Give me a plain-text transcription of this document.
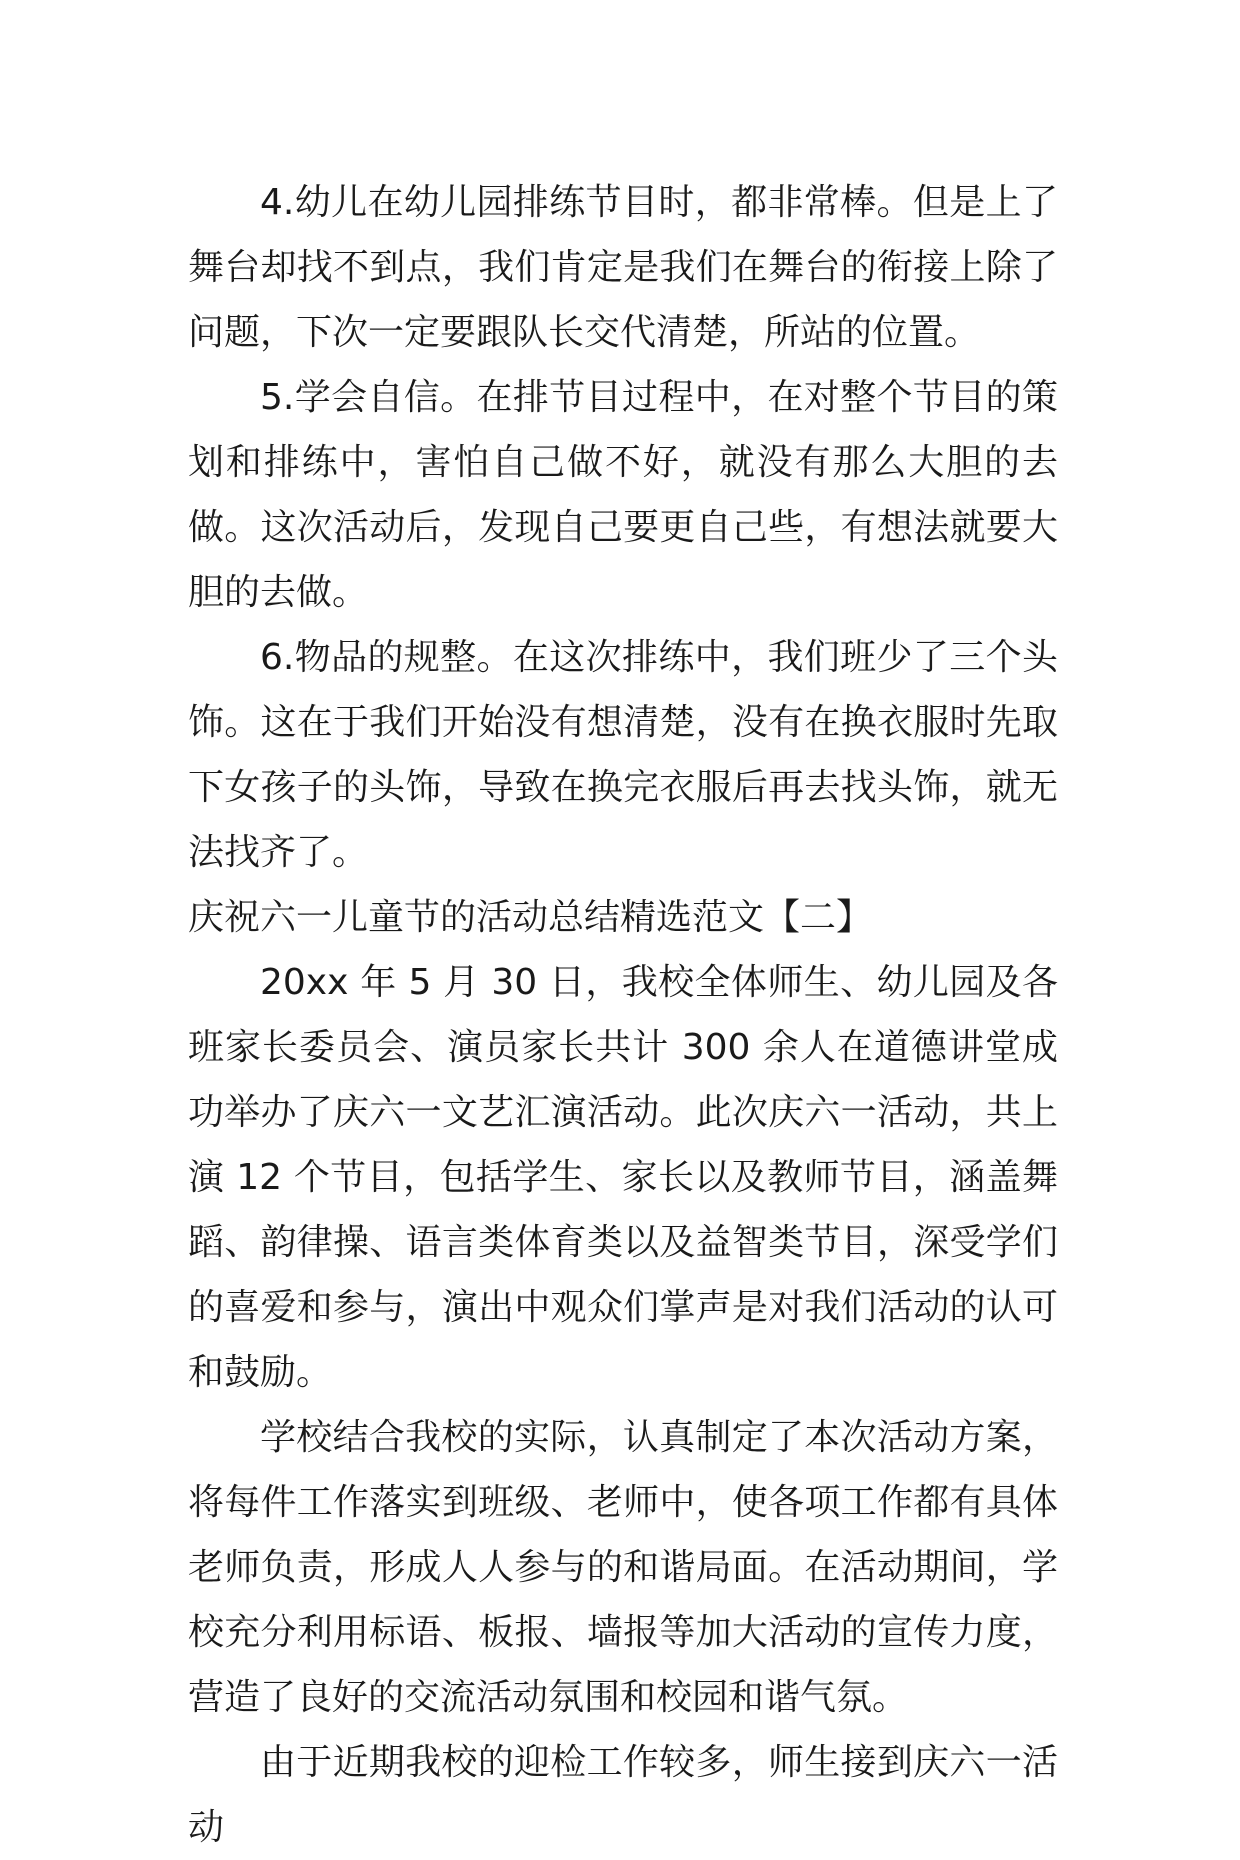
4.幼儿在幼儿园排练节目时，都非常棒。但是上了舞台却找不到点，我们肯定是我们在舞台的衔接上除了问题，下次一定要跟队长交代清楚，所站的位置。

5.学会自信。在排节目过程中，在对整个节目的策划和排练中，害怕自己做不好，就没有那么大胆的去做。这次活动后，发现自己要更自己些，有想法就要大胆的去做。

6.物品的规整。在这次排练中，我们班少了三个头饰。这在于我们开始没有想清楚，没有在换衣服时先取下女孩子的头饰，导致在换完衣服后再去找头饰，就无法找齐了。

庆祝六一儿童节的活动总结精选范文【二】

20xx 年 5 月 30 日，我校全体师生、幼儿园及各班家长委员会、演员家长共计 300 余人在道德讲堂成功举办了庆六一文艺汇演活动。此次庆六一活动，共上演 12 个节目，包括学生、家长以及教师节目，涵盖舞蹈、韵律操、语言类体育类以及益智类节目，深受学们的喜爱和参与，演出中观众们掌声是对我们活动的认可和鼓励。

学校结合我校的实际，认真制定了本次活动方案，将每件工作落实到班级、老师中，使各项工作都有具体老师负责，形成人人参与的和谐局面。在活动期间，学校充分利用标语、板报、墙报等加大活动的宣传力度，营造了良好的交流活动氛围和校园和谐气氛。

由于近期我校的迎检工作较多，师生接到庆六一活动
